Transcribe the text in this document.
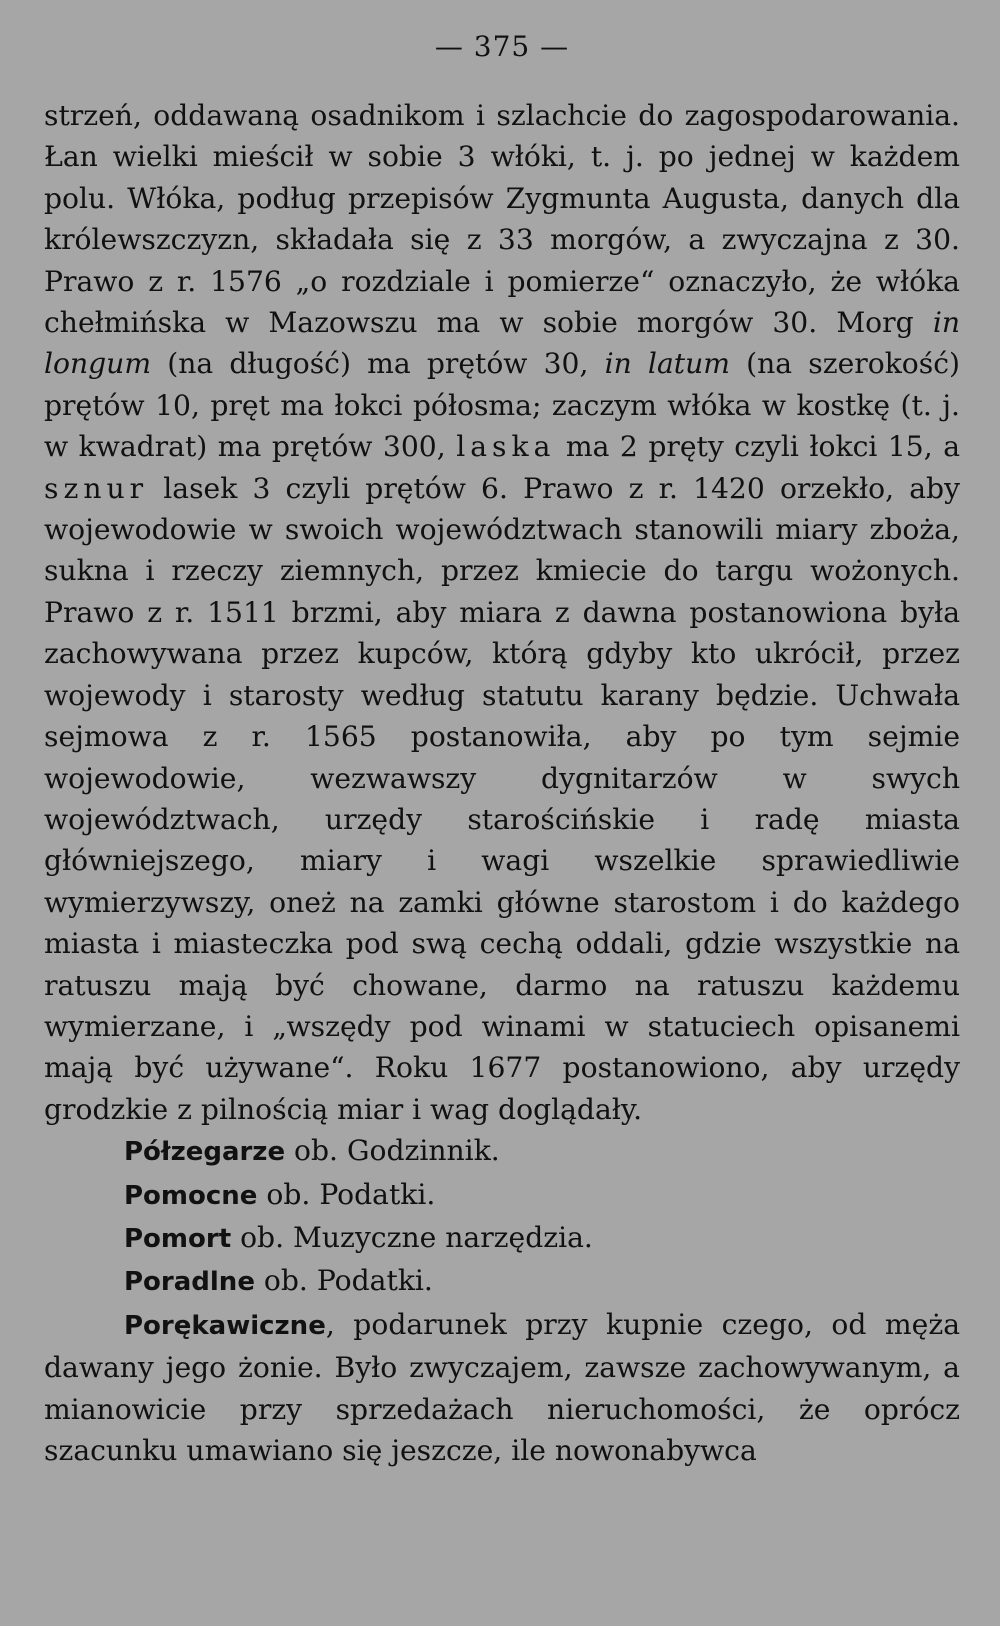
— 375 —

strzeń, oddawaną osadnikom i szlachcie do zagospodarowania. Łan wielki mieścił w sobie 3 włóki, t. j. po jednej w każdem polu. Włóka, podług przepisów Zygmunta Augusta, danych dla królewszczyzn, składała się z 33 morgów, a zwyczajna z 30. Prawo z r. 1576 „o rozdziale i pomierze“ oznaczyło, że włóka chełmińska w Mazowszu ma w sobie morgów 30. Morg in longum (na długość) ma prętów 30, in latum (na szerokość) prętów 10, pręt ma łokci półosma; zaczym włóka w kostkę (t. j. w kwadrat) ma prętów 300, laska ma 2 pręty czyli łokci 15, a sznur lasek 3 czyli prętów 6. Prawo z r. 1420 orzekło, aby wojewodowie w swoich województwach stanowili miary zboża, sukna i rzeczy ziemnych, przez kmiecie do targu wożonych. Prawo z r. 1511 brzmi, aby miara z dawna postanowiona była zachowywana przez kupców, którą gdyby kto ukrócił, przez wojewody i starosty według statutu karany będzie. Uchwała sejmowa z r. 1565 postanowiła, aby po tym sejmie wojewodowie, wezwawszy dygnitarzów w swych województwach, urzędy starościńskie i radę miasta główniejszego, miary i wagi wszelkie sprawiedliwie wymierzywszy, oneż na zamki główne starostom i do każdego miasta i miasteczka pod swą cechą oddali, gdzie wszystkie na ratuszu mają być chowane, darmo na ratuszu każdemu wymierzane, i „wszędy pod winami w statuciech opisanemi mają być używane“. Roku 1677 postanowiono, aby urzędy grodzkie z pilnością miar i wag doglądały.

Półzegarze ob. Godzinnik.

Pomocne ob. Podatki.

Pomort ob. Muzyczne narzędzia.

Poradlne ob. Podatki.

Porękawiczne, podarunek przy kupnie czego, od męża dawany jego żonie. Było zwyczajem, zawsze zachowywanym, a mianowicie przy sprzedażach nieruchomości, że oprócz szacunku umawiano się jeszcze, ile nowonabywca
